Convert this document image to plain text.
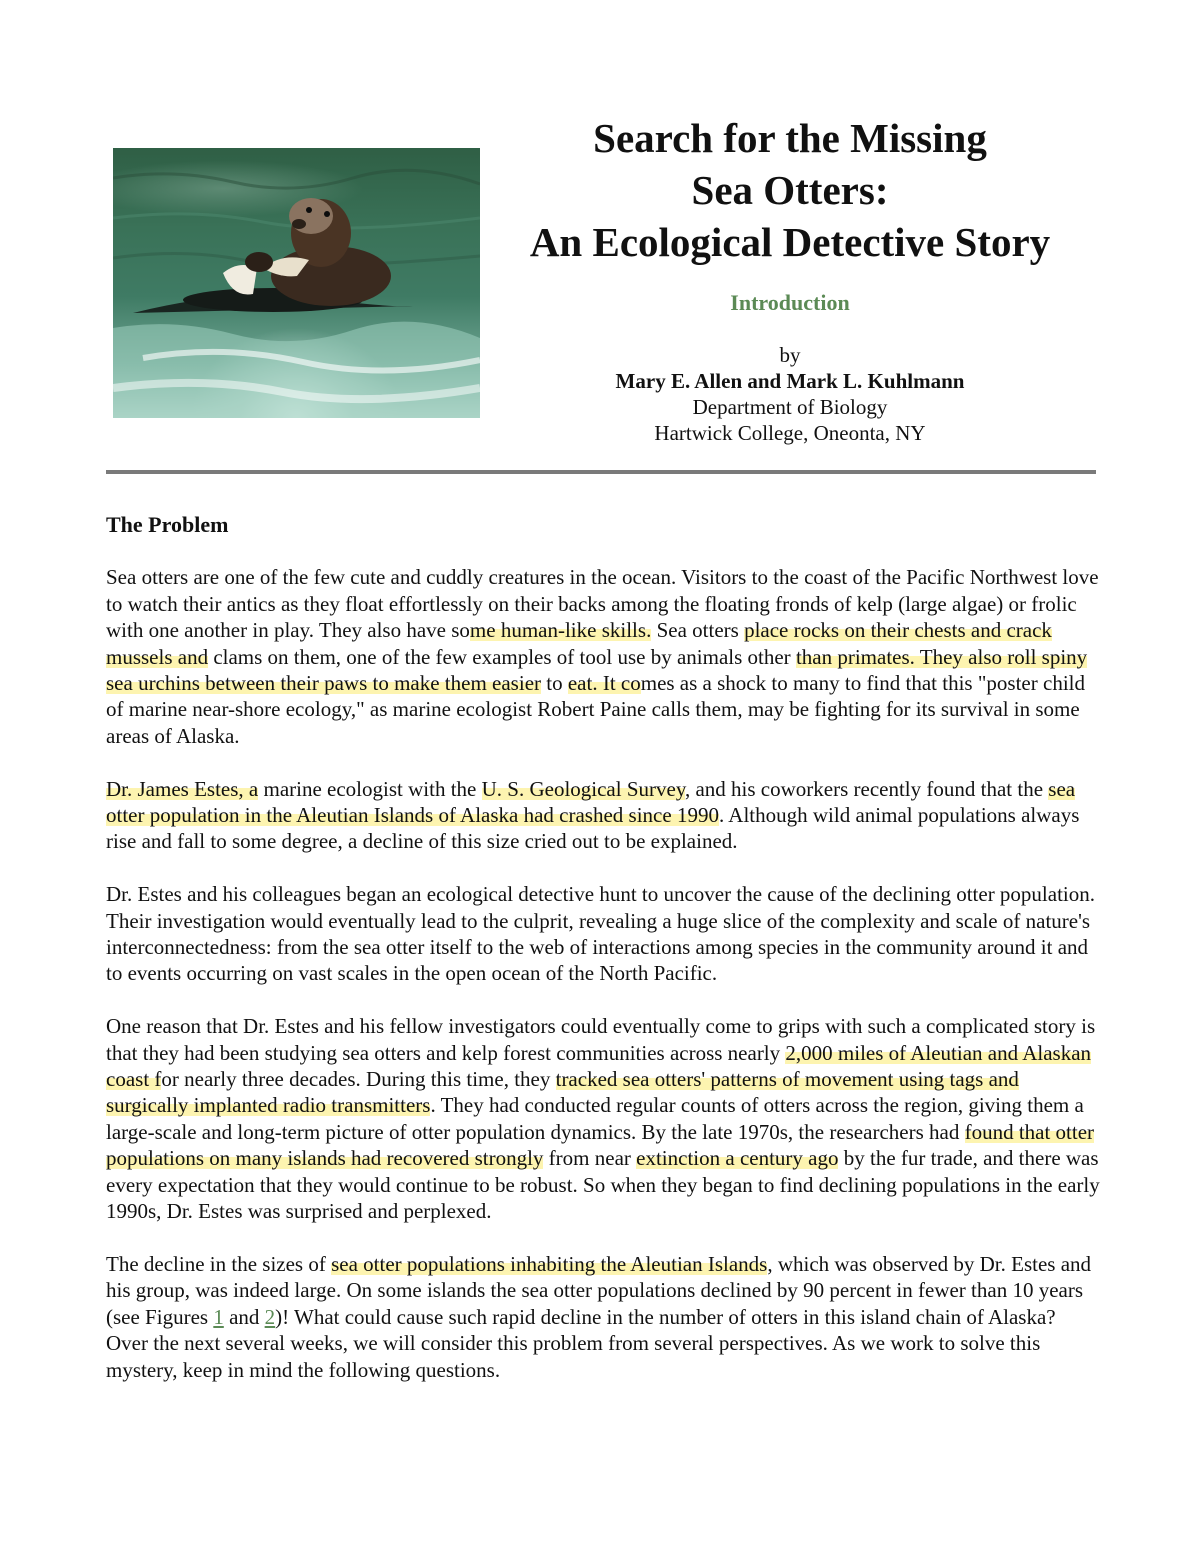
Search for the Missing
Sea Otters:
An Ecological Detective Story
Introduction
by
Mary E. Allen and Mark L. Kuhlmann
Department of Biology
Hartwick College, Oneonta, NY
The Problem

Sea otters are one of the few cute and cuddly creatures in the ocean. Visitors to the coast of the Pacific Northwest love to watch their antics as they float effortlessly on their backs among the floating fronds of kelp (large algae) or frolic with one another in play. They also have some human-like skills. Sea otters place rocks on their chests and crack mussels and clams on them, one of the few examples of tool use by animals other than primates. They also roll spiny sea urchins between their paws to make them easier to eat. It comes as a shock to many to find that this "poster child of marine near-shore ecology," as marine ecologist Robert Paine calls them, may be fighting for its survival in some areas of Alaska.

Dr. James Estes, a marine ecologist with the U. S. Geological Survey, and his coworkers recently found that the sea otter population in the Aleutian Islands of Alaska had crashed since 1990. Although wild animal populations always rise and fall to some degree, a decline of this size cried out to be explained.

Dr. Estes and his colleagues began an ecological detective hunt to uncover the cause of the declining otter population. Their investigation would eventually lead to the culprit, revealing a huge slice of the complexity and scale of nature's interconnectedness: from the sea otter itself to the web of interactions among species in the community around it and to events occurring on vast scales in the open ocean of the North Pacific.

One reason that Dr. Estes and his fellow investigators could eventually come to grips with such a complicated story is that they had been studying sea otters and kelp forest communities across nearly 2,000 miles of Aleutian and Alaskan coast for nearly three decades. During this time, they tracked sea otters' patterns of movement using tags and surgically implanted radio transmitters. They had conducted regular counts of otters across the region, giving them a large-scale and long-term picture of otter population dynamics. By the late 1970s, the researchers had found that otter populations on many islands had recovered strongly from near extinction a century ago by the fur trade, and there was every expectation that they would continue to be robust. So when they began to find declining populations in the early 1990s, Dr. Estes was surprised and perplexed.

The decline in the sizes of sea otter populations inhabiting the Aleutian Islands, which was observed by Dr. Estes and his group, was indeed large. On some islands the sea otter populations declined by 90 percent in fewer than 10 years (see Figures 1 and 2)! What could cause such rapid decline in the number of otters in this island chain of Alaska? Over the next several weeks, we will consider this problem from several perspectives. As we work to solve this mystery, keep in mind the following questions.
